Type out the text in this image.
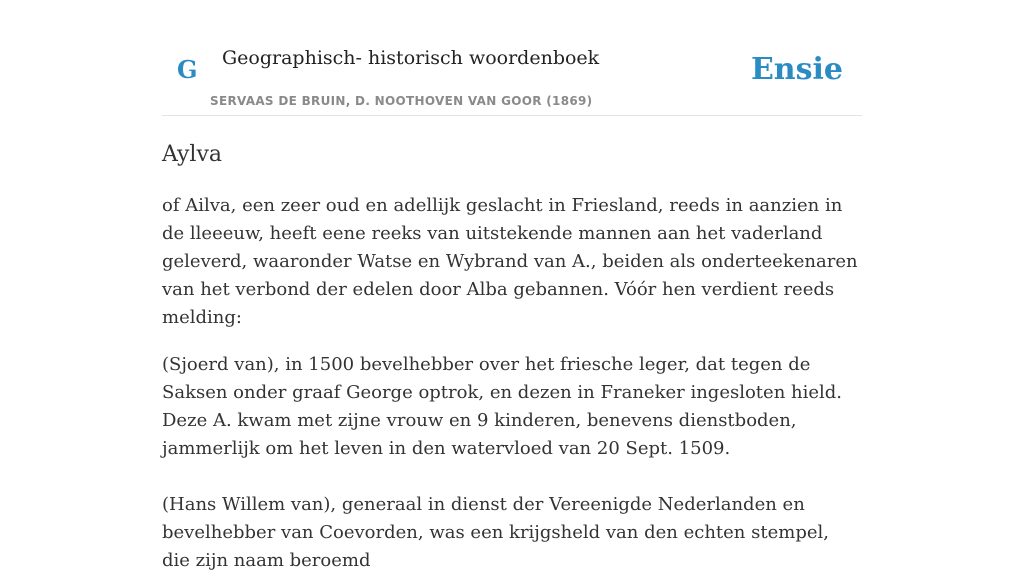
G Geographisch- historisch woordenboek
SERVAAS DE BRUIN, D. NOOTHOVEN VAN GOOR (1869)
Ensie
Aylva

of Ailva, een zeer oud en adellijk geslacht in Friesland, reeds in aanzien in de lleeeuw, heeft eene reeks van uitstekende mannen aan het vaderland geleverd, waaronder Watse en Wybrand van A., beiden als onderteekenaren van het verbond der edelen door Alba gebannen. Vóór hen verdient reeds melding:

(Sjoerd van), in 1500 bevelhebber over het friesche leger, dat tegen de Saksen onder graaf George optrok, en dezen in Franeker ingesloten hield. Deze A. kwam met zijne vrouw en 9 kinderen, benevens dienstboden, jammerlijk om het leven in den watervloed van 20 Sept. 1509.

(Hans Willem van), generaal in dienst der Vereenigde Nederlanden en bevelhebber van Coevorden, was een krijgsheld van den echten stempel, die zijn naam beroemd
